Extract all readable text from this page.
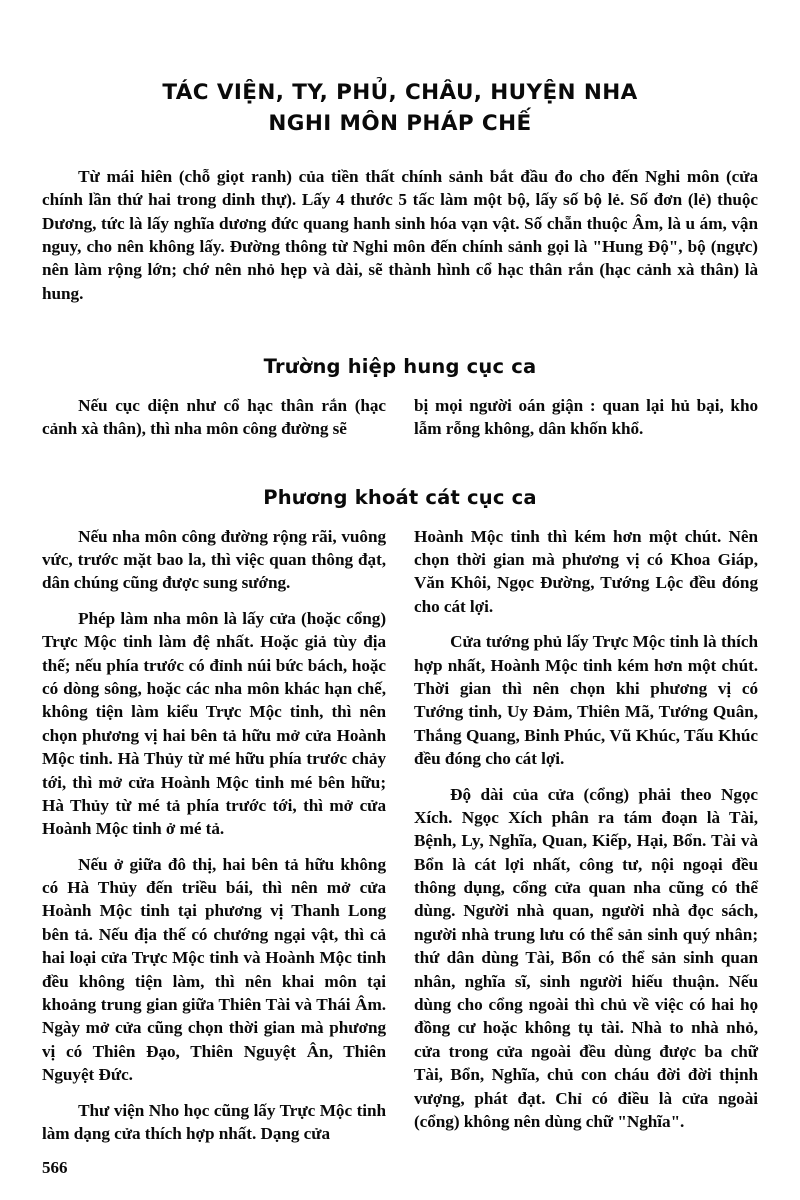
TÁC VIỆN, TY, PHỦ, CHÂU, HUYỆN NHA
NGHI MÔN PHÁP CHẾ

Từ mái hiên (chỗ giọt ranh) của tiền thất chính sảnh bắt đầu đo cho đến Nghi môn (cửa chính lần thứ hai trong dinh thự). Lấy 4 thước 5 tấc làm một bộ, lấy số bộ lẻ. Số đơn (lẻ) thuộc Dương, tức là lấy nghĩa dương đức quang hanh sinh hóa vạn vật. Số chẵn thuộc Âm, là u ám, vận nguy, cho nên không lấy. Đường thông từ Nghi môn đến chính sảnh gọi là "Hung Độ", bộ (ngực) nên làm rộng lớn; chớ nên nhỏ hẹp và dài, sẽ thành hình cổ hạc thân rắn (hạc cảnh xà thân) là hung.

Trường hiệp hung cục ca

Nếu cục diện như cổ hạc thân rắn (hạc cảnh xà thân), thì nha môn công đường sẽ

bị mọi người oán giận : quan lại hủ bại, kho lẫm rỗng không, dân khốn khổ.

Phương khoát cát cục ca

Nếu nha môn công đường rộng rãi, vuông vức, trước mặt bao la, thì việc quan thông đạt, dân chúng cũng được sung sướng.

Phép làm nha môn là lấy cửa (hoặc cổng) Trực Mộc tinh làm đệ nhất. Hoặc giả tùy địa thế; nếu phía trước có đỉnh núi bức bách, hoặc có dòng sông, hoặc các nha môn khác hạn chế, không tiện làm kiểu Trực Mộc tinh, thì nên chọn phương vị hai bên tả hữu mở cửa Hoành Mộc tinh. Hà Thủy từ mé hữu phía trước chảy tới, thì mở cửa Hoành Mộc tinh mé bên hữu; Hà Thủy từ mé tả phía trước tới, thì mở cửa Hoành Mộc tinh ở mé tả.

Nếu ở giữa đô thị, hai bên tả hữu không có Hà Thủy đến triều bái, thì nên mở cửa Hoành Mộc tinh tại phương vị Thanh Long bên tả. Nếu địa thế có chướng ngại vật, thì cả hai loại cửa Trực Mộc tinh và Hoành Mộc tinh đều không tiện làm, thì nên khai môn tại khoảng trung gian giữa Thiên Tài và Thái Âm. Ngày mở cửa cũng chọn thời gian mà phương vị có Thiên Đạo, Thiên Nguyệt Ân, Thiên Nguyệt Đức.

Thư viện Nho học cũng lấy Trực Mộc tinh làm dạng cửa thích hợp nhất. Dạng cửa

Hoành Mộc tinh thì kém hơn một chút. Nên chọn thời gian mà phương vị có Khoa Giáp, Văn Khôi, Ngọc Đường, Tướng Lộc đều đóng cho cát lợi.

Cửa tướng phủ lấy Trực Mộc tinh là thích hợp nhất, Hoành Mộc tinh kém hơn một chút. Thời gian thì nên chọn khi phương vị có Tướng tinh, Uy Đảm, Thiên Mã, Tướng Quân, Thắng Quang, Binh Phúc, Vũ Khúc, Tấu Khúc đều đóng cho cát lợi.

Độ dài của cửa (cổng) phải theo Ngọc Xích. Ngọc Xích phân ra tám đoạn là Tài, Bệnh, Ly, Nghĩa, Quan, Kiếp, Hại, Bổn. Tài và Bổn là cát lợi nhất, công tư, nội ngoại đều thông dụng, cổng cửa quan nha cũng có thể dùng. Người nhà quan, người nhà đọc sách, người nhà trung lưu có thể sản sinh quý nhân; thứ dân dùng Tài, Bổn có thể sản sinh quan nhân, nghĩa sĩ, sinh người hiếu thuận. Nếu dùng cho cổng ngoài thì chủ về việc có hai họ đồng cư hoặc không tụ tài. Nhà to nhà nhỏ, cửa trong cửa ngoài đều dùng được ba chữ Tài, Bổn, Nghĩa, chủ con cháu đời đời thịnh vượng, phát đạt. Chỉ có điều là cửa ngoài (cổng) không nên dùng chữ "Nghĩa".

566
